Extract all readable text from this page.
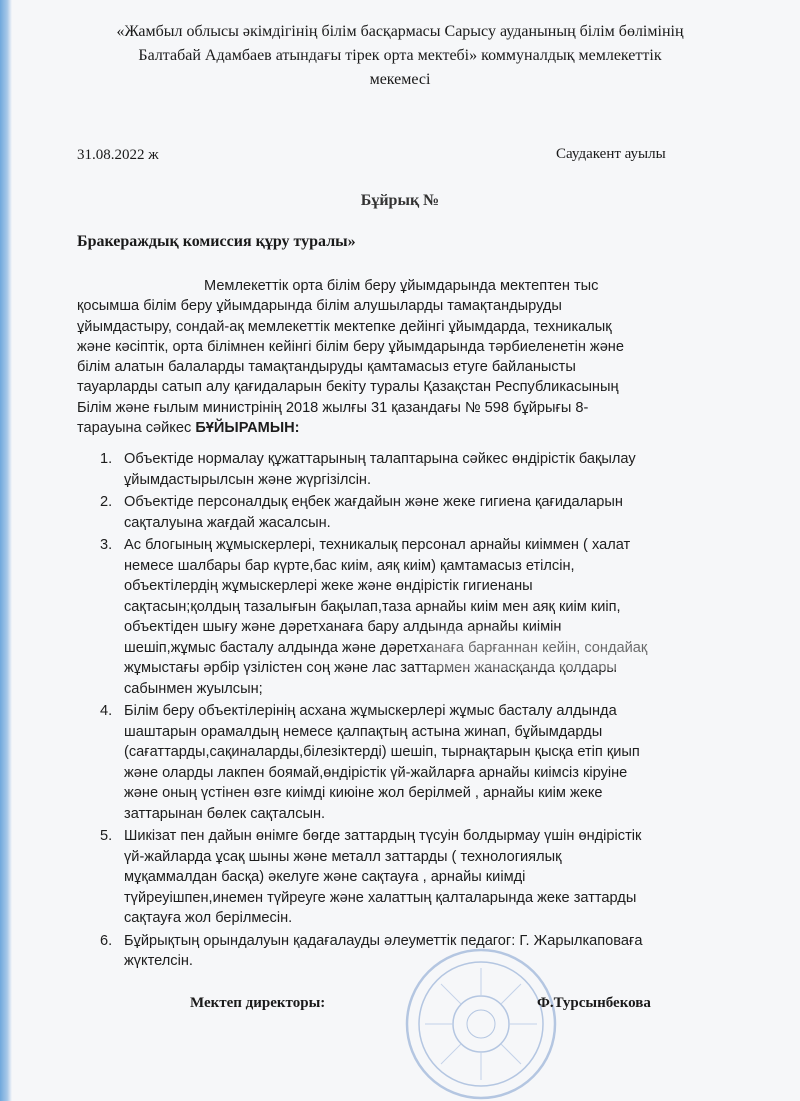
«Жамбыл облысы әкімдігінің білім басқармасы Сарысу ауданының білім бөлімінің
Балтабай Адамбаев атындағы тірек орта мектебі» коммуналдық мемлекеттік
мекемесі
31.08.2022 ж	Саудакент ауылы
Бұйрық №
Бракераждық комиссия құру туралы»
Мемлекеттік орта білім беру ұйымдарында мектептен тыс
қосымша білім беру ұйымдарында білім алушыларды тамақтандыруды
ұйымдастыру, сондай-ақ мемлекеттік мектепке дейінгі ұйымдарда, техникалық
және кәсіптік, орта білімнен кейінгі білім беру ұйымдарында тәрбиеленетін және
білім алатын балаларды тамақтандыруды қамтамасыз етуге байланысты
тауарларды сатып алу қағидаларын бекіту туралы Қазақстан Республикасының
Білім және ғылым министрінің 2018 жылғы 31 қазандағы № 598 бұйрығы 8-
тарауына сәйкес БҰЙЫРАМЫН:
1. Объектіде нормалау құжаттарының талаптарына сәйкес өндірістік бақылау
ұйымдастырылсын және жүргізілсін.
2. Объектіде персоналдық еңбек жағдайын және жеке гигиена қағидаларын
сақталуына жағдай жасалсын.
3. Ас блогының жұмыскерлері, техникалық персонал арнайы киіммен ( халат
немесе шалбары бар күрте,бас киім, аяқ киім) қамтамасыз етілсін,
объектілердің жұмыскерлері жеке және өндірістік гигиенаны
сақтасын;қолдың тазалығын бақылап,таза арнайы киім мен аяқ киім киіп,
объектіден шығу және дәретханаға бару алдында арнайы киімін
шешіп,жұмыс басталу алдында және дәретханаға барғаннан кейін, сондайақ
жұмыстағы әрбір үзілістен соң және лас заттармен жанасқанда қолдары
сабынмен жуылсын;
4. Білім беру объектілерінің асхана жұмыскерлері жұмыс басталу алдында
шаштарын орамалдың немесе қалпақтың астына жинап, бұйымдарды
(сағаттарды,сақиналарды,білезіктерді) шешіп, тырнақтарын қысқа етіп қиып
және оларды лакпен боямай,өндірістік үй-жайларға арнайы киімсіз кіруіне
және оның үстінен өзге киімді киюіне жол берілмей , арнайы киім жеке
заттарынан бөлек сақталсын.
5. Шикізат пен дайын өнімге бөгде заттардың түсуін болдырмау үшін өндірістік
үй-жайларда ұсақ шыны және металл заттарды ( технологиялық
мұқаммалдан басқа) әкелуге және сақтауға , арнайы киімді
түйреуішпен,инемен түйреуге және халаттың қалталарында жеке заттарды
сақтауға жол берілмесін.
6. Бұйрықтың орындалуын қадағалауды әлеуметтік педагог: Г. Жарылкаповаға
жүктелсін.
Мектеп директоры:	Ф.Турсынбекова
